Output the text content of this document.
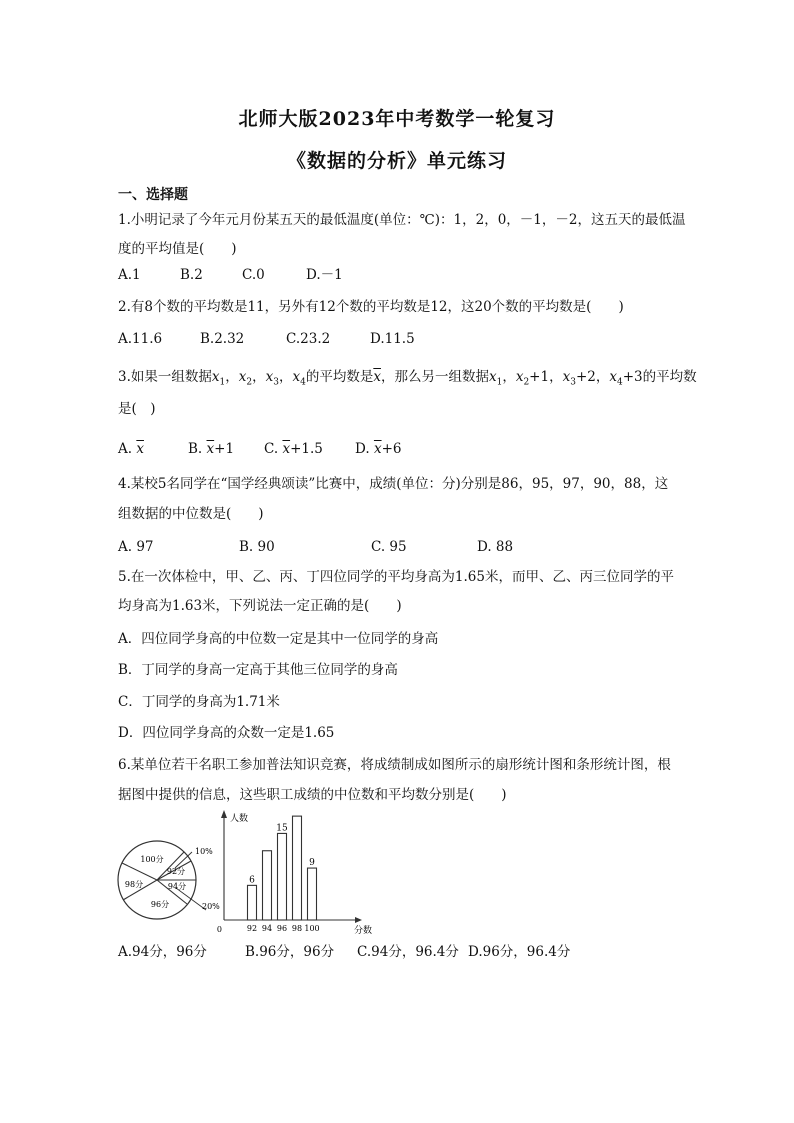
北师大版2023年中考数学一轮复习
《数据的分析》单元练习
一、选择题
1.小明记录了今年元月份某五天的最低温度(单位：℃)：1，2，0，－1，－2，这五天的最低温
度的平均值是(　　)
A.1	B.2	C.0	D.－1
2.有8个数的平均数是11，另外有12个数的平均数是12，这20个数的平均数是(　　)
A.11.6	B.2.32	C.23.2	D.11.5
3.如果一组数据$x_1$，$x_2$，$x_3$，$x_4$的平均数是$\overline{x}$，那么另一组数据$x_1$，$x_2+1$，$x_3+2$，$x_4+3$的平均数
是(　)
A. $\overline{x}$	B. $\overline{x}+1$ C. $\overline{x}+1.5$ D. $\overline{x}+6$
4.某校5名同学在“国学经典颂读”比赛中，成绩(单位：分)分别是86，95，97，90，88，这
组数据的中位数是(　　)
A. 97	B. 90	C. 95	D. 88
5.在一次体检中，甲、乙、丙、丁四位同学的平均身高为1.65米，而甲、乙、丙三位同学的平
均身高为1.63米，下列说法一定正确的是(　　)
A．四位同学身高的中位数一定是其中一位同学的身高
B．丁同学的身高一定高于其他三位同学的身高
C．丁同学的身高为1.71米
D．四位同学身高的众数一定是1.65
6.某单位若干名职工参加普法知识竞赛，将成绩制成如图所示的扇形统计图和条形统计图，根
据图中提供的信息，这些职工成绩的中位数和平均数分别是(　　)
100分
92分
94分
96分
98分
10%
20%
人数
分数
0	92
6
94 96
15
98 100
9
A.94分，96分	B.96分，96分 C.94分，96.4分 D.96分，96.4分
